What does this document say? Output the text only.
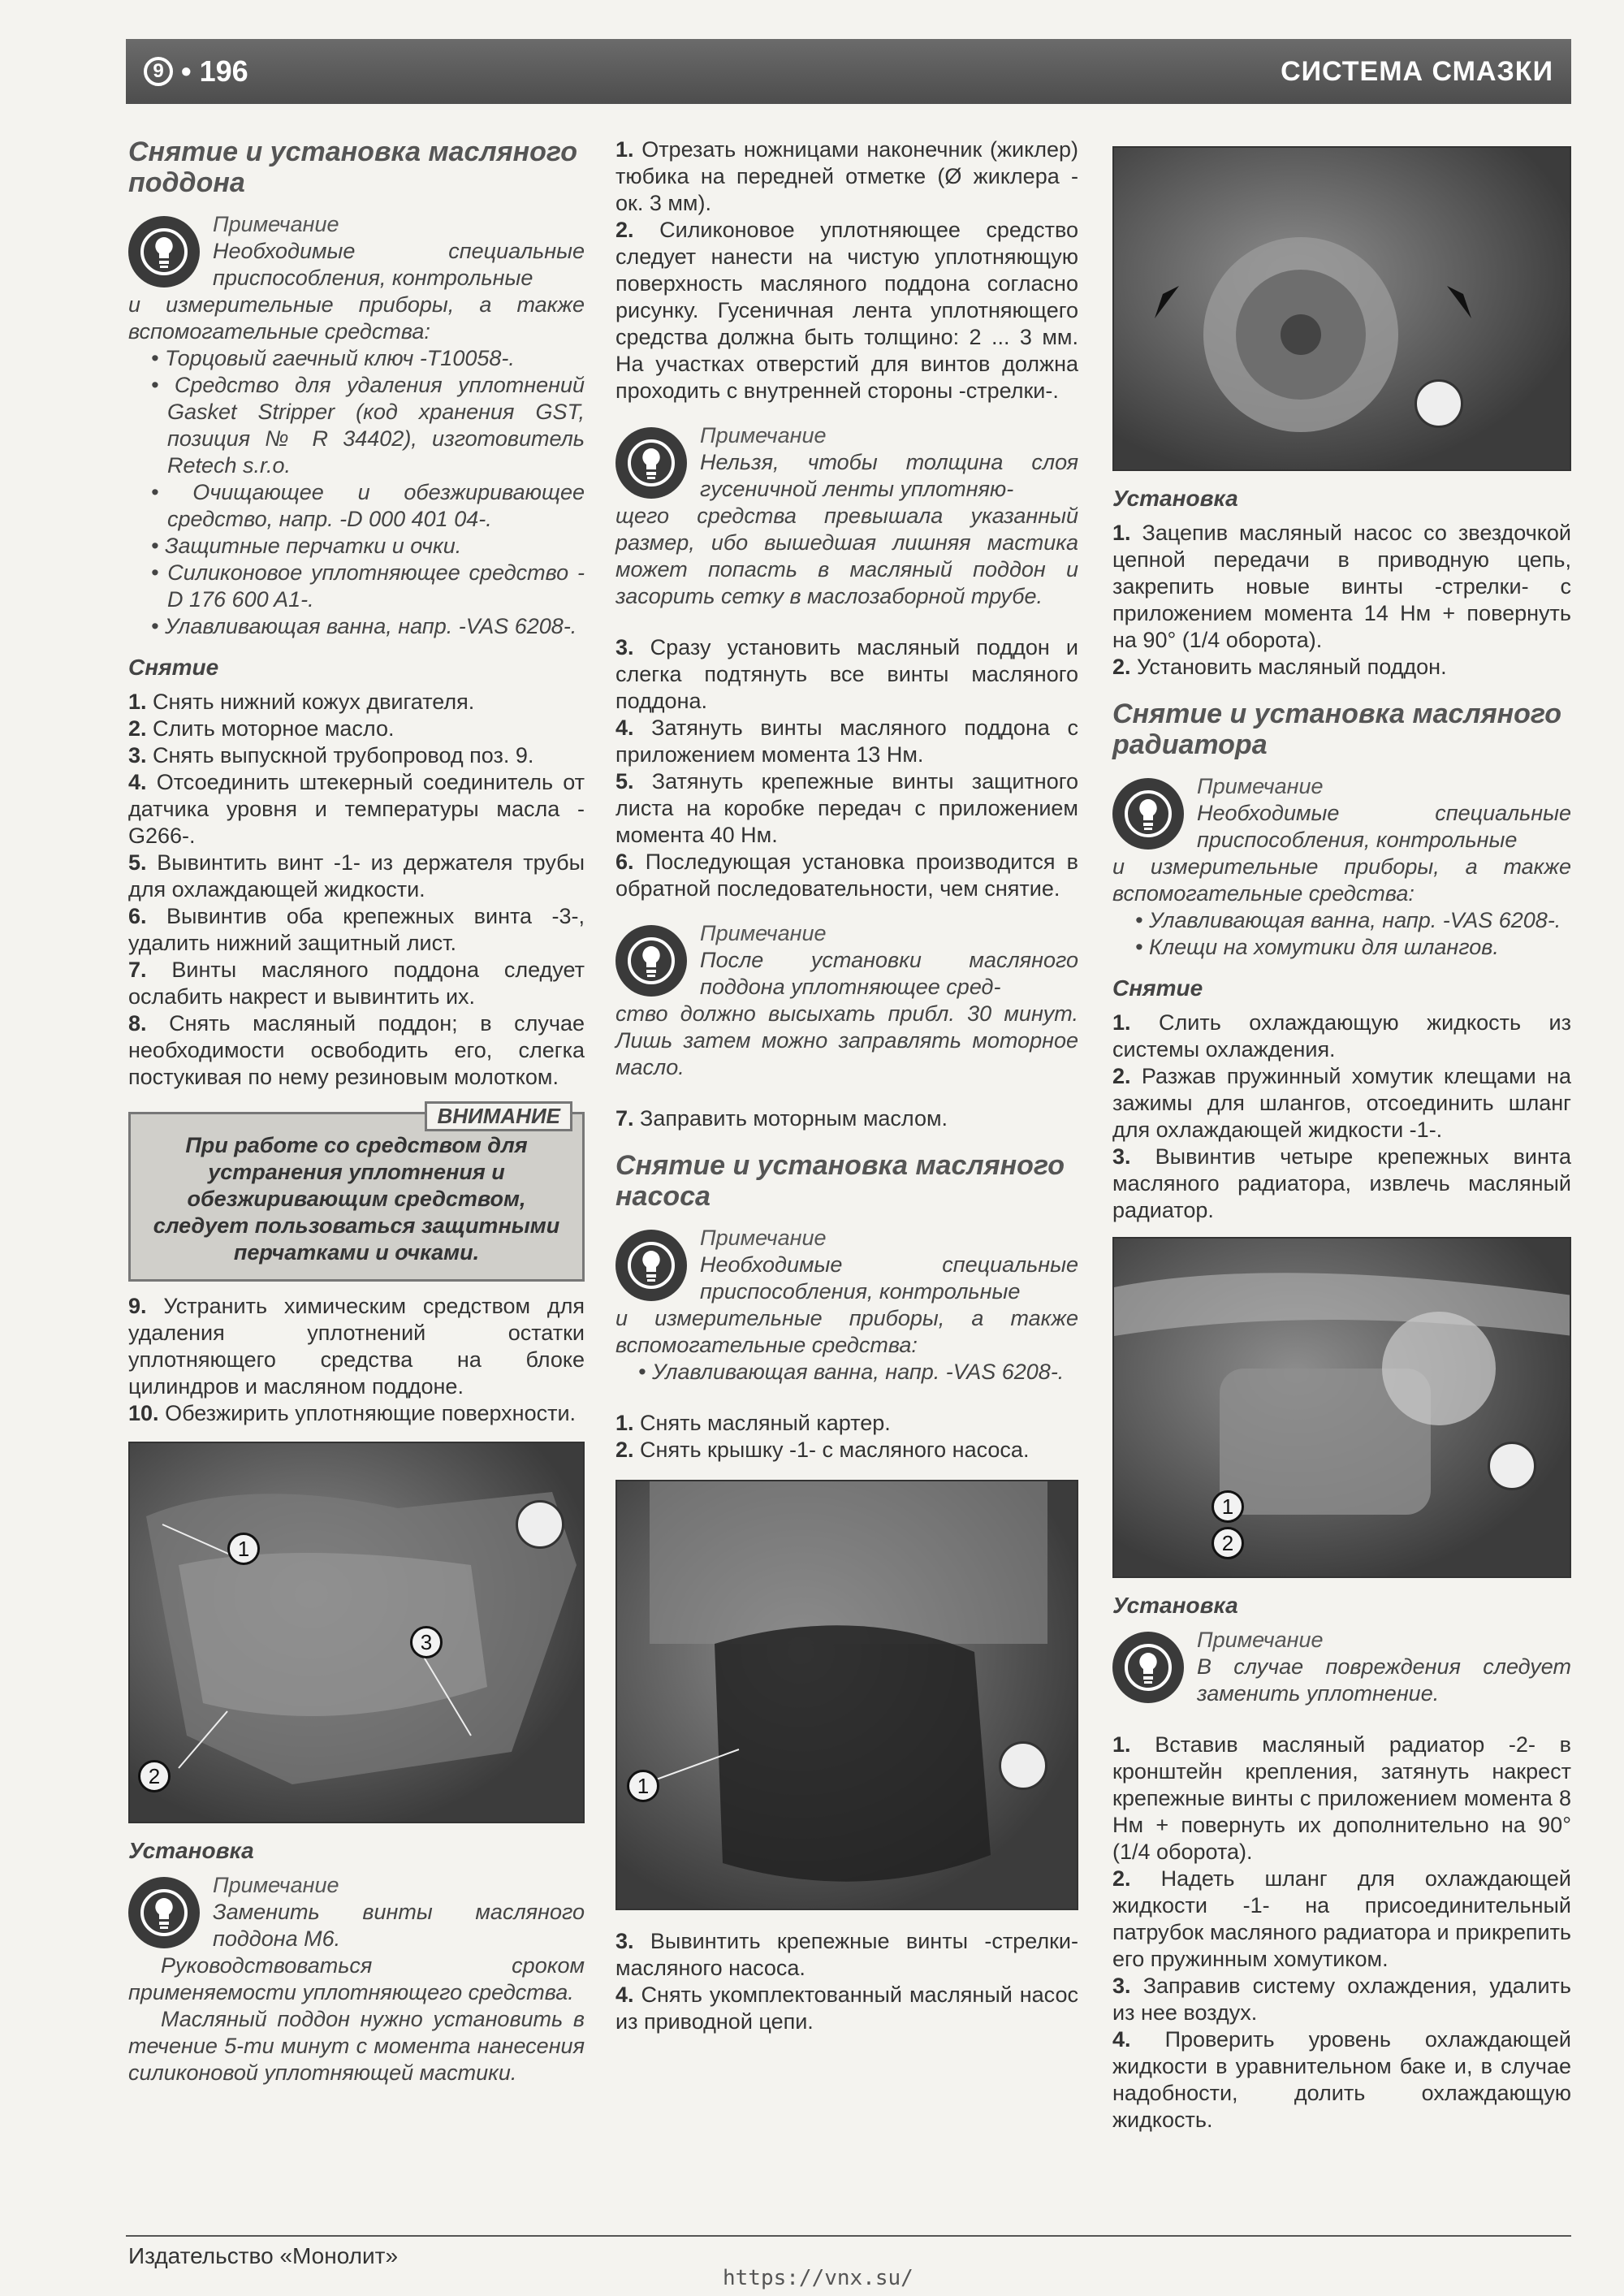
9 • 196	СИСТЕМА СМАЗКИ
Снятие и установка масляного поддона
Примечание
Необходимые специальные приспособления, контрольные
и измерительные приборы, а также вспомогательные средства:
• Торцовый гаечный ключ -T10058-.
• Средство для удаления уплотнений Gasket Stripper (код хранения GST, позиция № R 34402), изготовитель Retech s.r.o.
• Очищающее и обезжиривающее средство, напр. -D 000 401 04-.
• Защитные перчатки и очки.
• Силиконовое уплотняющее средство -D 176 600 A1-.
• Улавливающая ванна, напр. -VAS 6208-.
Снятие

1. Снять нижний кожух двигателя.

2. Слить моторное масло.

3. Снять выпускной трубопровод поз. 9.

4. Отсоединить штекерный соединитель от датчика уровня и температуры масла -G266-.

5. Вывинтить винт -1- из держателя трубы для охлаждающей жидкости.

6. Вывинтив оба крепежных винта -3-, удалить нижний защитный лист.

7. Винты масляного поддона следует ослабить накрест и вывинтить их.

8. Снять масляный поддон; в случае необходимости освободить его, слегка постукивая по нему резиновым молотком.

ВНИМАНИЕ
При работе со средством для устранения уплотнения и обезжиривающим средством, следует пользоваться защитными перчатками и очками.

9. Устранить химическим средством для удаления уплотнений остатки уплотняющего средства на блоке цилиндров и масляном поддоне.

10. Обезжирить уплотняющие поверхности.

1
2
3
Установка
Примечание
Заменить винты масляного поддона M6.
Руководствоваться сроком применяемости уплотняющего средства.
Масляный поддон нужно установить в течение 5-ти минут с момента нанесения силиконовой уплотняющей мастики.

1. Отрезать ножницами наконечник (жиклер) тюбика на передней отметке (Ø жиклера - ок. 3 мм).

2. Силиконовое уплотняющее средство следует нанести на чистую уплотняющую поверхность масляного поддона согласно рисунку. Гусеничная лента уплотняющего средства должна быть толщино: 2 ... 3 мм. На участках отверстий для винтов должна проходить с внутренней стороны -стрелки-.

Примечание
Нельзя, чтобы толщина слоя гусеничной ленты уплотняю-
щего средства превышала указанный размер, ибо вышедшая лишняя мастика может попасть в масляный поддон и засорить сетку в маслозаборной трубе.

3. Сразу установить масляный поддон и слегка подтянуть все винты масляного поддона.

4. Затянуть винты масляного поддона с приложением момента 13 Нм.

5. Затянуть крепежные винты защитного листа на коробке передач с приложением момента 40 Нм.

6. Последующая установка производится в обратной последовательности, чем снятие.

Примечание
После установки масляного поддона уплотняющее сред-
ство должно высыхать прибл. 30 минут. Лишь затем можно заправлять моторное масло.

7. Заправить моторным маслом.

Снятие и установка масляного насоса
Примечание
Необходимые специальные приспособления, контрольные
и измерительные приборы, а также вспомогательные средства:
• Улавливающая ванна, напр. -VAS 6208-.

1. Снять масляный картер.

2. Снять крышку -1- с масляного насоса.

1

3. Вывинтить крепежные винты -стрелки- масляного насоса.

4. Снять укомплектованный масляный насос из приводной цепи.

Установка

1. Зацепив масляный насос со звездочкой цепной передачи в приводную цепь, закрепить новые винты -стрелки- с приложением момента 14 Нм + повернуть на 90° (1/4 оборота).

2. Установить масляный поддон.

Снятие и установка масляного радиатора
Примечание
Необходимые специальные приспособления, контрольные
и измерительные приборы, а также вспомогательные средства:
• Улавливающая ванна, напр. -VAS 6208-.
• Клещи на хомутики для шлангов.
Снятие

1. Слить охлаждающую жидкость из системы охлаждения.

2. Разжав пружинный хомутик клещами на зажимы для шлангов, отсоединить шланг для охлаждающей жидкости -1-.

3. Вывинтив четыре крепежных винта масляного радиатора, извлечь масляный радиатор.

1
2
Установка
Примечание
В случае повреждения следует заменить уплотнение.

1. Вставив масляный радиатор -2- в кронштейн крепления, затянуть накрест крепежные винты с приложением момента 8 Нм + повернуть их дополнительно на 90° (1/4 оборота).

2. Надеть шланг для охлаждающей жидкости -1- на присоединительный патрубок масляного радиатора и прикрепить его пружинным хомутиком.

3. Заправив систему охлаждения, удалить из нее воздух.

4. Проверить уровень охлаждающей жидкости в уравнительном баке и, в случае надобности, долить охлаждающую жидкость.

Издательство «Монолит»
https://vnx.su/
